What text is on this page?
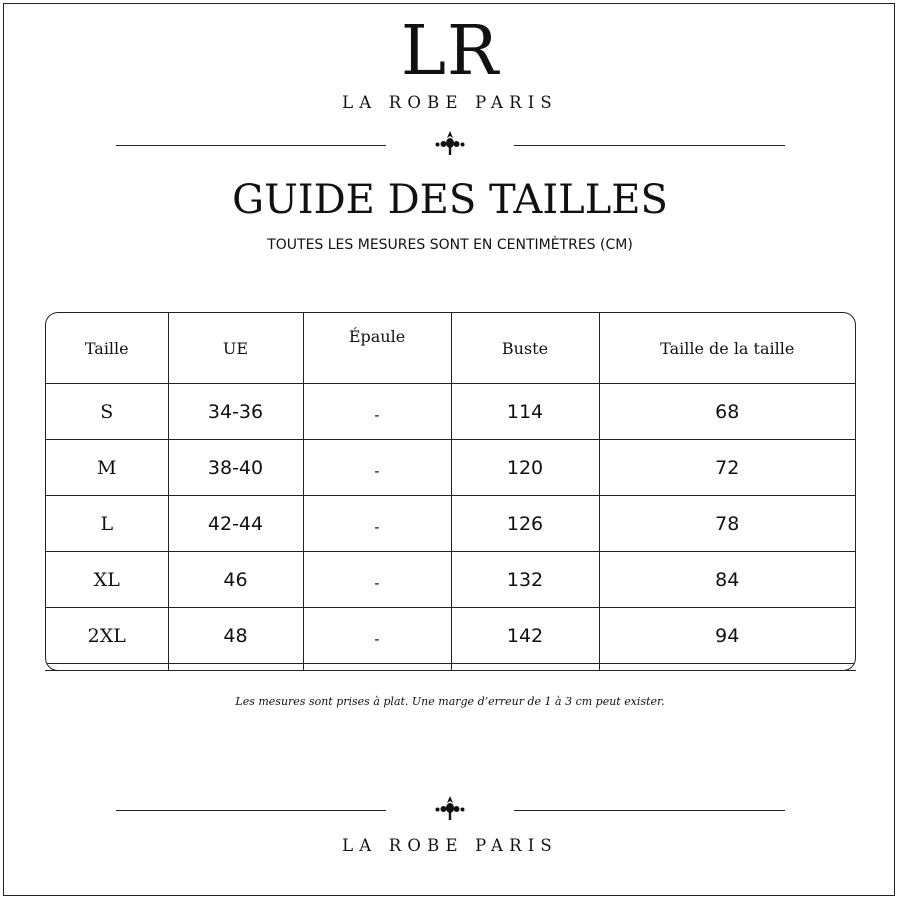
LR
LA ROBE PARIS
GUIDE DES TAILLES
TOUTES LES MESURES SONT EN CENTIMÈTRES (CM)
Taille	UE	Épaule	Buste	Taille de la taille
S	34-36	-	114	68
M	38-40	-	120	72
L	42-44	-	126	78
XL	46	-	132	84
2XL	48	-	142	94

Les mesures sont prises à plat. Une marge d’erreur de 1 à 3 cm peut exister.
LA ROBE PARIS
